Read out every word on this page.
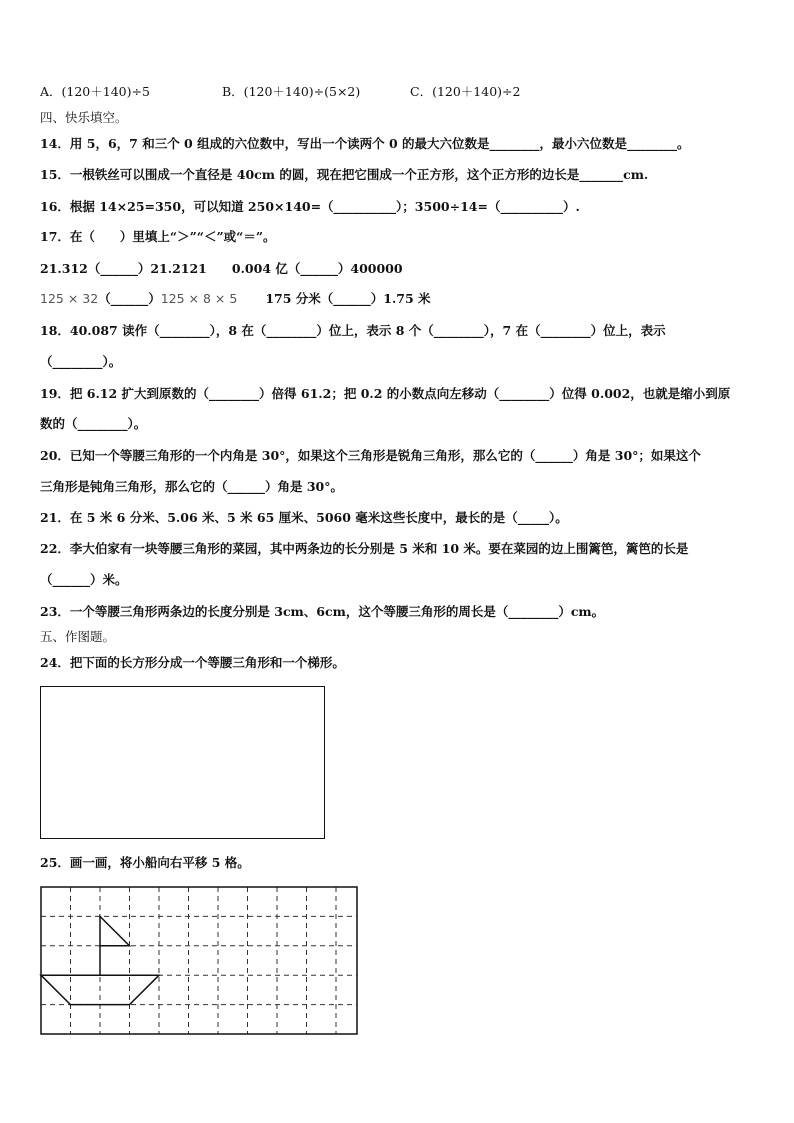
A．(120＋140)÷5	B．(120＋140)÷(5×2)	C．(120＋140)÷2
四、快乐填空。
14．用 5，6，7 和三个 0 组成的六位数中，写出一个读两个 0 的最大六位数是________，最小六位数是________。
15．一根铁丝可以围成一个直径是 40cm 的圆，现在把它围成一个正方形，这个正方形的边长是_______cm.
16．根据 14×25=350，可以知道 250×140=（__________）；3500÷14=（__________）.
17．在（　　）里填上“＞”“＜”或“＝”。
21.312（______）21.2121　　0.004 亿（______）400000
125 × 32（______）125 × 8 × 5 175 分米（______）1.75 米
18．40.087 读作（________），8 在（________）位上，表示 8 个（________），7 在（________）位上，表示
（________）。
19．把 6.12 扩大到原数的（________）倍得 61.2；把 0.2 的小数点向左移动（________）位得 0.002，也就是缩小到原
数的（________）。
20．已知一个等腰三角形的一个内角是 30°，如果这个三角形是锐角三角形，那么它的（______）角是 30°；如果这个
三角形是钝角三角形，那么它的（______）角是 30°。
21．在 5 米 6 分米、5.06 米、5 米 65 厘米、5060 毫米这些长度中，最长的是（_____）。
22．李大伯家有一块等腰三角形的菜园，其中两条边的长分别是 5 米和 10 米。要在菜园的边上围篱笆，篱笆的长是
（______）米。
23．一个等腰三角形两条边的长度分别是 3cm、6cm，这个等腰三角形的周长是（________）cm。
五、作图题。
24．把下面的长方形分成一个等腰三角形和一个梯形。
25．画一画，将小船向右平移 5 格。
